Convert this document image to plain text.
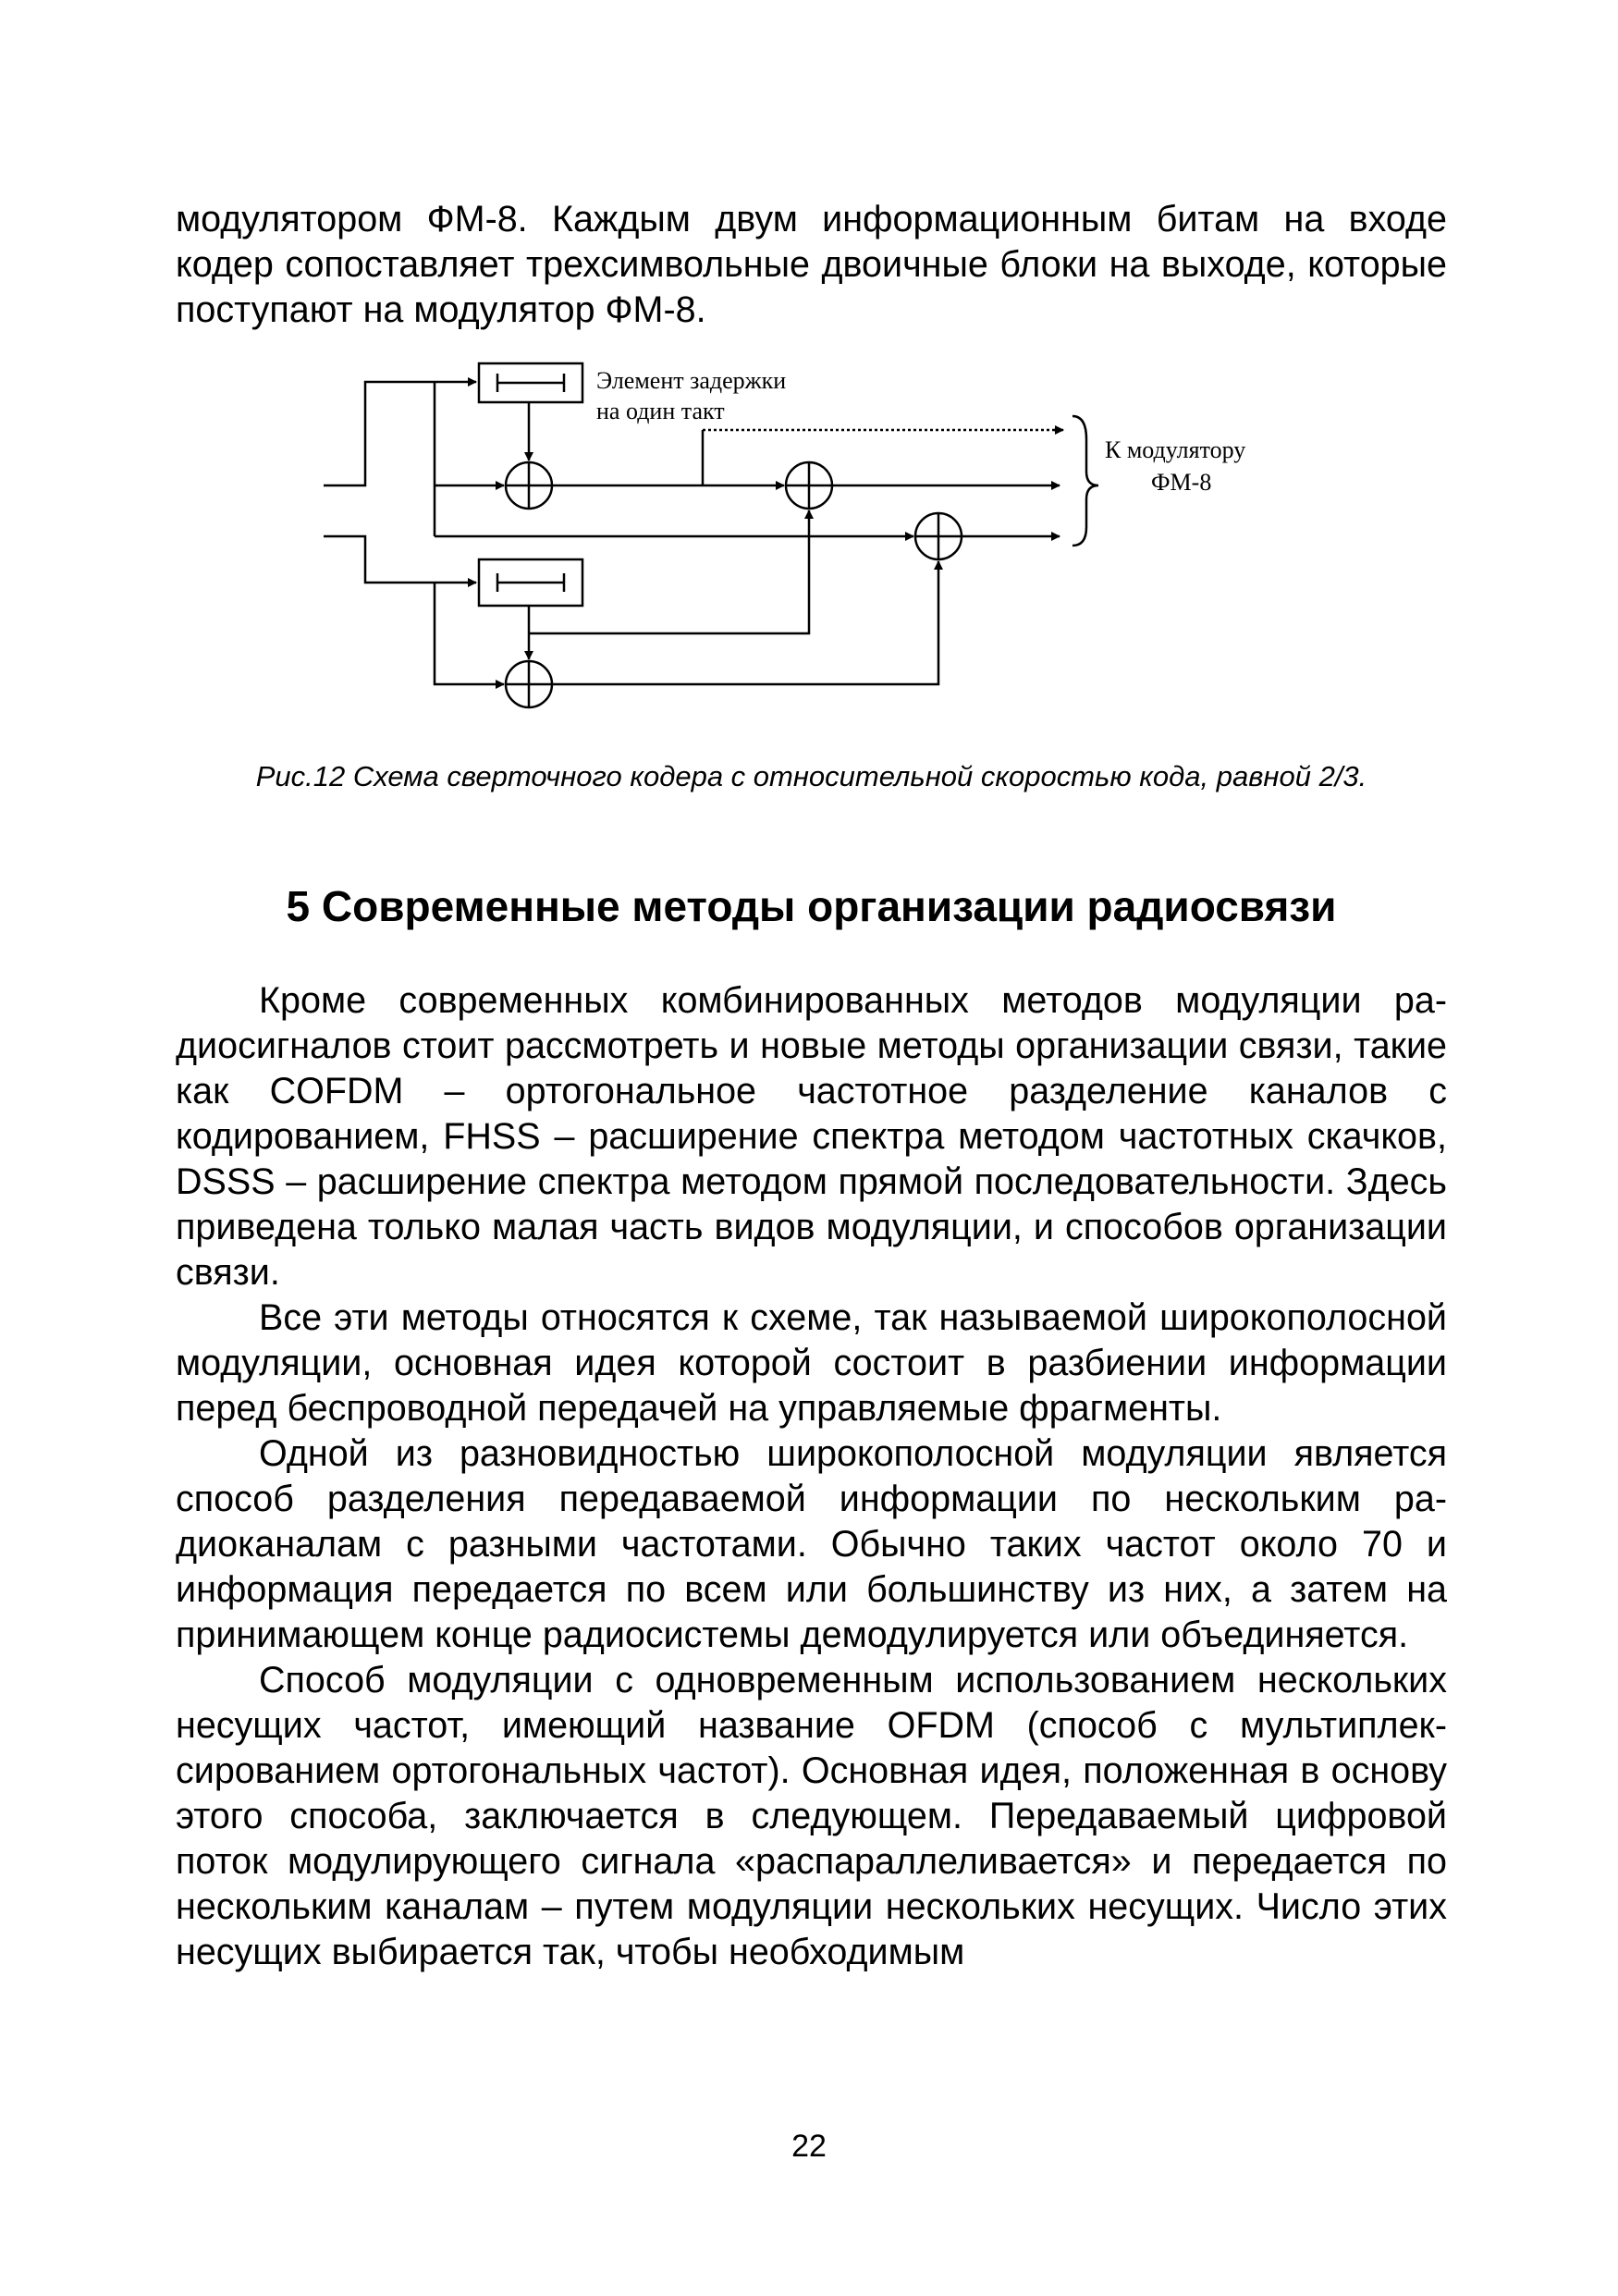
модулятором ФМ-8. Каждым двум информационным битам на входе кодер сопоставляет трехсимвольные двоичные блоки на выходе, которые поступают на модулятор ФМ-8.

Элемент задержки
на один такт
К модулятору
ФМ-8
Рис.12 Схема сверточного кодера с относительной скоростью кода, равной 2/3.
5 Современные методы организации радиосвязи

Кроме современных комбинированных методов модуляции радиосигналов стоит рассмотреть и новые методы организации связи, такие как COFDM – ортогональное частотное разделение каналов с кодированием, FHSS – расширение спектра методом частотных скачков, DSSS – расширение спектра методом прямой последовательности. Здесь приведена только малая часть видов модуляции, и способов организации связи.

Все эти методы относятся к схеме, так называемой широкополосной модуляции, основная идея которой состоит в разбиении информации перед беспроводной передачей на управляемые фрагменты.

Одной из разновидностью широкополосной модуляции является способ разделения передаваемой информации по нескольким радиоканалам с разными частотами. Обычно таких частот около 70 и информация передается по всем или большинству из них, а затем на принимающем конце радиосистемы демодулируется или объединяется.

Способ модуляции с одновременным использованием нескольких несущих частот, имеющий название OFDM (способ с мультиплексированием ортогональных частот). Основная идея, положенная в основу этого способа, заключается в следующем. Передаваемый цифровой поток модулирующего сигнала «распараллеливается» и передается по нескольким каналам – путем модуляции нескольких несущих. Число этих несущих выбирается так, чтобы необходимым

22
